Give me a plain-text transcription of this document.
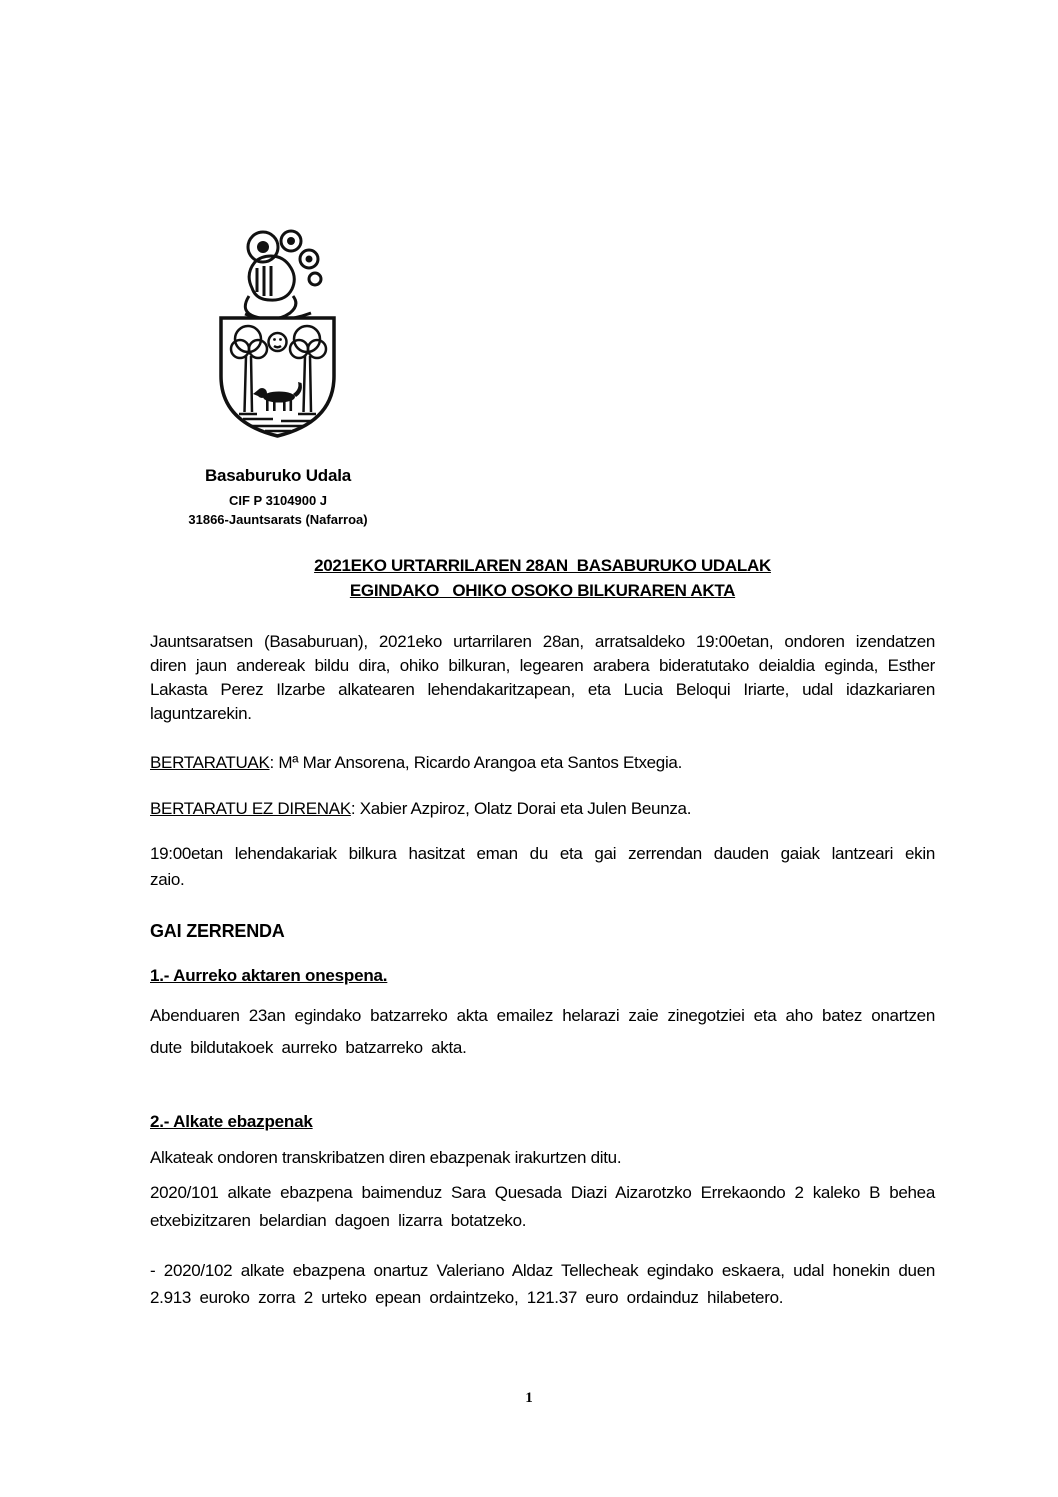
Basaburuko Udala
CIF P 3104900 J
31866-Jauntsarats (Nafarroa)
2021EKO URTARRILAREN 28AN  BASABURUKO UDALAK
EGINDAKO   OHIKO OSOKO BILKURAREN AKTA

Jauntsaratsen (Basaburuan), 2021eko urtarrilaren 28an, arratsaldeko 19:00etan, ondoren izendatzen diren jaun andereak bildu dira, ohiko bilkuran, legearen arabera bideratutako deialdia eginda, Esther Lakasta Perez Ilzarbe alkatearen lehendakaritzapean, eta Lucia Beloqui Iriarte, udal idazkariaren laguntzarekin.

BERTARATUAK: Mª Mar Ansorena, Ricardo Arangoa eta Santos Etxegia.

BERTARATU EZ DIRENAK: Xabier Azpiroz, Olatz Dorai eta Julen Beunza.

19:00etan lehendakariak bilkura hasitzat eman du eta gai zerrendan dauden gaiak lantzeari ekin zaio.

GAI ZERRENDA
1.- Aurreko aktaren onespena.

Abenduaren 23an egindako batzarreko akta emailez helarazi zaie zinegotziei eta aho batez onartzen dute bildutakoek aurreko batzarreko akta.

2.- Alkate ebazpenak

Alkateak ondoren transkribatzen diren ebazpenak irakurtzen ditu.

2020/101 alkate ebazpena baimenduz Sara Quesada Diazi Aizarotzko Errekaondo 2 kaleko B behea etxebizitzaren belardian dagoen lizarra botatzeko.

- 2020/102 alkate ebazpena onartuz Valeriano Aldaz Tellecheak egindako eskaera, udal honekin duen 2.913 euroko zorra 2 urteko epean ordaintzeko, 121.37 euro ordainduz hilabetero.

1
